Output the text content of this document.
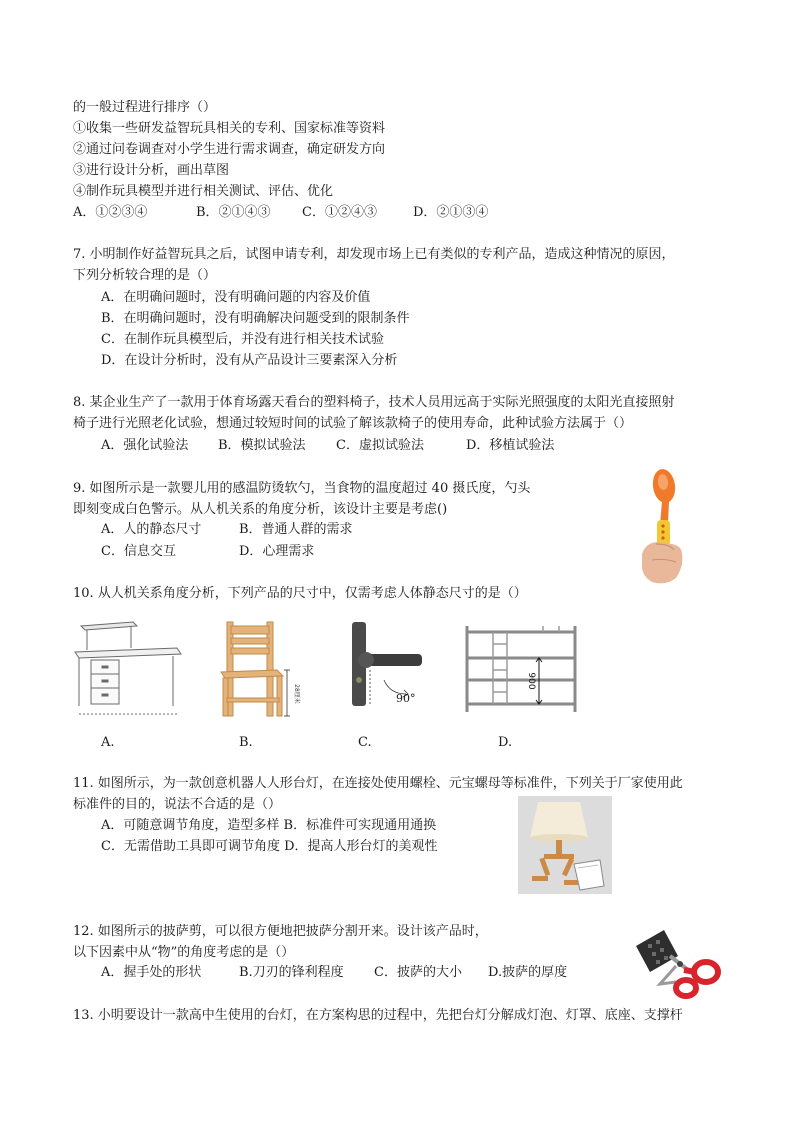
的一般过程进行排序（）
①收集一些研发益智玩具相关的专利、国家标准等资料
②通过问卷调查对小学生进行需求调查，确定研发方向
③进行设计分析，画出草图
④制作玩具模型并进行相关测试、评估、优化
A．①②③④	B．②①④③ C．①②④③	D．②①③④
7. 小明制作好益智玩具之后，试图申请专利，却发现市场上已有类似的专利产品，造成这种情况的原因，
下列分析较合理的是（）
A．在明确问题时，没有明确问题的内容及价值
B．在明确问题时，没有明确解决问题受到的限制条件
C．在制作玩具模型后，并没有进行相关技术试验
D．在设计分析时，没有从产品设计三要素深入分析
8. 某企业生产了一款用于体育场露天看台的塑料椅子，技术人员用远高于实际光照强度的太阳光直接照射
椅子进行光照老化试验，想通过较短时间的试验了解该款椅子的使用寿命，此种试验方法属于（）
A．强化试验法 B．模拟试验法 C．虚拟试验法	D．移植试验法
9. 如图所示是一款婴儿用的感温防烫软勺，当食物的温度超过 40 摄氏度，勺头
即刻变成白色警示。从人机关系的角度分析，该设计主要是考虑()
A．人的静态尺寸	B．普通人群的需求
C．信息交互	D．心理需求
10. 从人机关系角度分析，下列产品的尺寸中，仅需考虑人体静态尺寸的是（）
28厘米	90°
900
A.	B.	C.	D.
11. 如图所示，为一款创意机器人人形台灯，在连接处使用螺栓、元宝螺母等标准件，下列关于厂家使用此
标准件的目的，说法不合适的是（）
A．可随意调节角度，造型多样 B．标准件可实现通用通换
C．无需借助工具即可调节角度 D．提高人形台灯的美观性
12. 如图所示的披萨剪，可以很方便地把披萨分割开来。设计该产品时，
以下因素中从“物”的角度考虑的是（）
A．握手处的形状	B.刀刃的锋利程度 C．披萨的大小 D.披萨的厚度
13. 小明要设计一款高中生使用的台灯，在方案构思的过程中，先把台灯分解成灯泡、灯罩、底座、支撑杆
